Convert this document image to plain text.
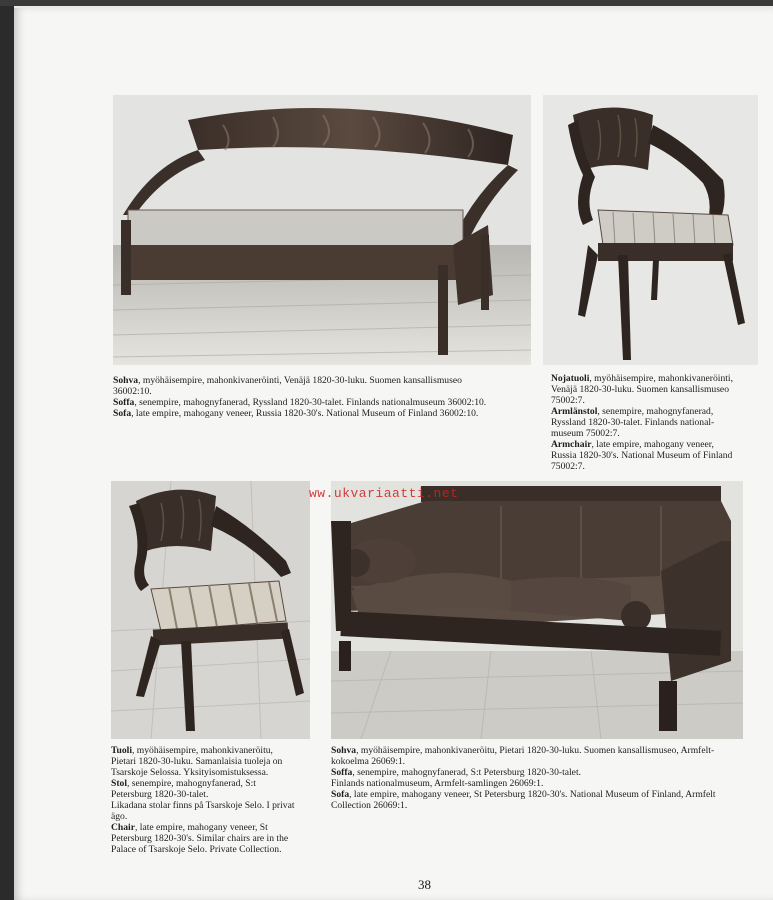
Sohva, myöhäisempire, mahonkivaneröinti, Venäjä 1820-30-luku. Suomen kansallismuseo
36002:10.
Soffa, senempire, mahognyfanerad, Ryssland 1820-30-talet. Finlands nationalmuseum 36002:10.
Sofa, late empire, mahogany veneer, Russia 1820-30's. National Museum of Finland 36002:10.
Nojatuoli, myöhäisempire, mahonkivaneröinti,
Venäjä 1820-30-luku. Suomen kansallismuseo
75002:7.
Armlänstol, senempire, mahognyfanerad,
Ryssland 1820-30-talet. Finlands national-
museum 75002:7.
Armchair, late empire, mahogany veneer,
Russia 1820-30's. National Museum of Finland
75002:7.
ww.ukvariaatti.net
Tuoli, myöhäisempire, mahonkivaneröitu,
Pietari 1820-30-luku. Samanlaisia tuoleja on
Tsarskoje Selossa. Yksityisomistuksessa.
Stol, senempire, mahognyfanerad, S:t
Petersburg 1820-30-talet.
Likadana stolar finns på Tsarskoje Selo. I privat
ägo.
Chair, late empire, mahogany veneer, St
Petersburg 1820-30's. Similar chairs are in the
Palace of Tsarskoje Selo. Private Collection.
Sohva, myöhäisempire, mahonkivaneröitu, Pietari 1820-30-luku. Suomen kansallismuseo, Armfelt-
kokoelma 26069:1.
Soffa, senempire, mahognyfanerad, S:t Petersburg 1820-30-talet.
Finlands nationalmuseum, Armfelt-samlingen 26069:1.
Sofa, late empire, mahogany veneer, St Petersburg 1820-30's. National Museum of Finland, Armfelt
Collection 26069:1.
38
